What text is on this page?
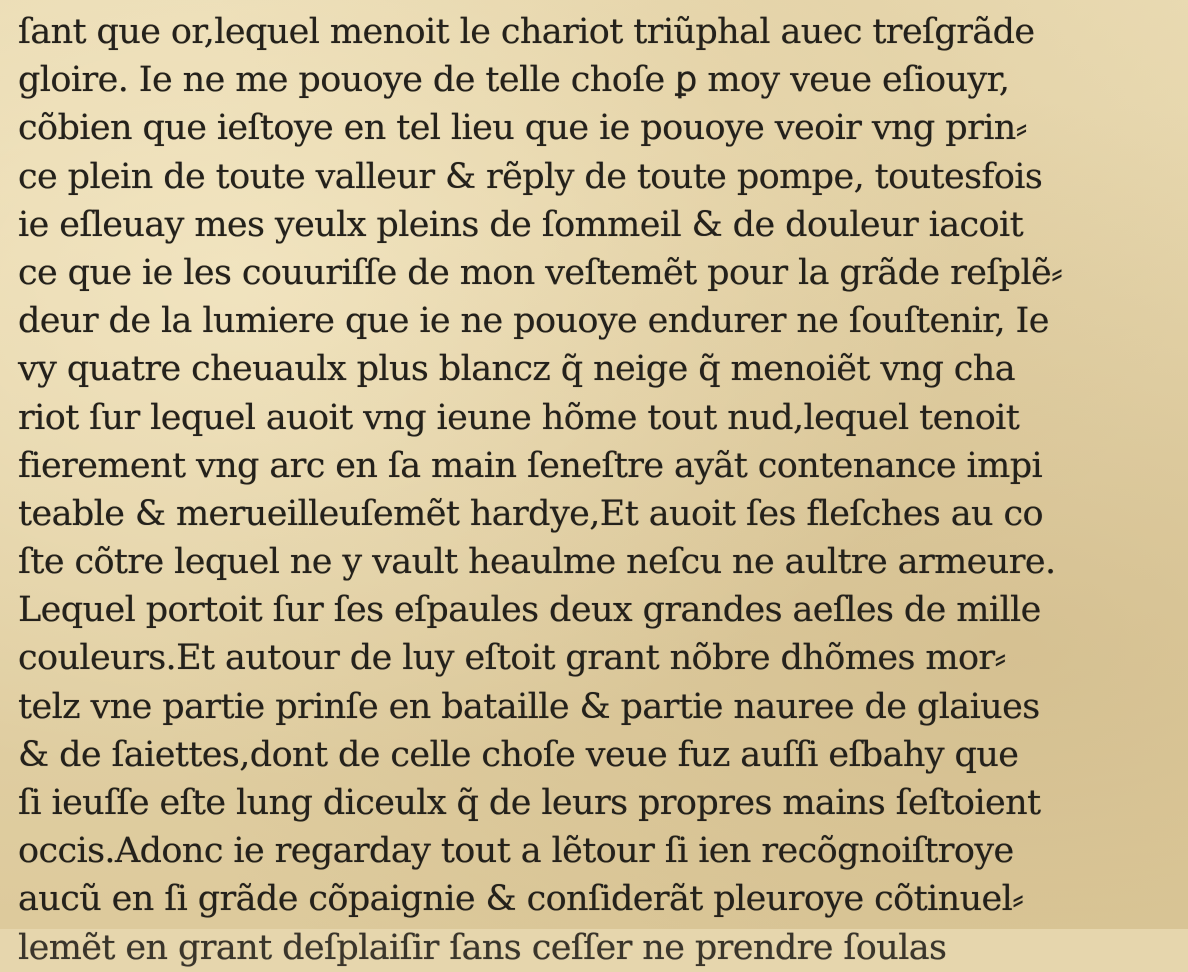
ſant que or,lequel menoit le chariot triũphal auec treſgrãde
gloire. Ie ne me pouoye de telle choſe ꝑ moy veue eſiouyr,
cõbien que ieſtoye en tel lieu que ie pouoye veoir vng prin⸗
ce plein de toute valleur & rẽply de toute pompe, toutesfois
ie eſleuay mes yeulx pleins de ſommeil & de douleur iacoit
ce que ie les couuriſſe de mon veſtemẽt pour la grãde reſplẽ⸗
deur de la lumiere que ie ne pouoye endurer ne ſouſtenir, Ie
vy quatre cheuaulx plus blancz q̃ neige q̃ menoiẽt vng cha
riot ſur lequel auoit vng ieune hõme tout nud,lequel tenoit
fierement vng arc en ſa main ſeneſtre ayãt contenance impi
teable & merueilleuſemẽt hardye,Et auoit ſes fleſches au co
ſte cõtre lequel ne y vault heaulme neſcu ne aultre armeure.
Lequel portoit ſur ſes eſpaules deux grandes aeſles de mille
couleurs.Et autour de luy eſtoit grant nõbre dhõmes mor⸗
telz vne partie prinſe en bataille & partie nauree de glaiues
& de ſaiettes,dont de celle choſe veue fuz auſſi eſbahy que
ſi ieuſſe eſte lung diceulx q̃ de leurs propres mains ſeſtoient
occis.Adonc ie regarday tout a lẽtour ſi ien recõgnoiſtroye
aucũ en ſi grãde cõpaignie & conſiderãt pleuroye cõtinuel⸗
lemẽt en grant deſplaiſir ſans ceſſer ne prendre ſoulas
